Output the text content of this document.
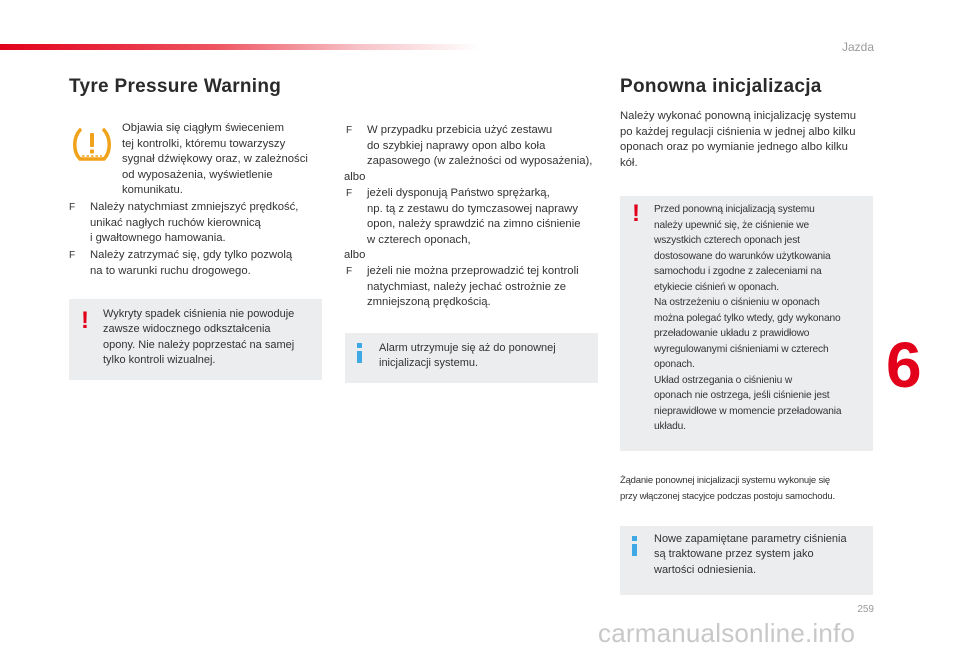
Jazda
Tyre Pressure Warning
Objawia się ciągłym świeceniem
tej kontrolki, któremu towarzyszy
sygnał dźwiękowy oraz, w zależności
od wyposażenia, wyświetlenie
komunikatu.
F Należy natychmiast zmniejszyć prędkość,
unikać nagłych ruchów kierownicą
i gwałtownego hamowania.
F Należy zatrzymać się, gdy tylko pozwolą
na to warunki ruchu drogowego.
! Wykryty spadek ciśnienia nie powoduje
zawsze widocznego odkształcenia
opony. Nie należy poprzestać na samej
tylko kontroli wizualnej.
F W przypadku przebicia użyć zestawu
do szybkiej naprawy opon albo koła
zapasowego (w zależności od wyposażenia),
albo
F jeżeli dysponują Państwo sprężarką,
np. tą z zestawu do tymczasowej naprawy
opon, należy sprawdzić na zimno ciśnienie
w czterech oponach,
albo
F jeżeli nie można przeprowadzić tej kontroli
natychmiast, należy jechać ostrożnie ze
zmniejszoną prędkością.
Alarm utrzymuje się aż do ponownej
inicjalizacji systemu.
Ponowna inicjalizacja
Należy wykonać ponowną inicjalizację systemu
po każdej regulacji ciśnienia w jednej albo kilku
oponach oraz po wymianie jednego albo kilku
kół.
! Przed ponowną inicjalizacją systemu
należy upewnić się, że ciśnienie we
wszystkich czterech oponach jest
dostosowane do warunków użytkowania
samochodu i zgodne z zaleceniami na
etykiecie ciśnień w oponach.
Na ostrzeżeniu o ciśnieniu w oponach
można polegać tylko wtedy, gdy wykonano
przeładowanie układu z prawidłowo
wyregulowanymi ciśnieniami w czterech
oponach.
Układ ostrzegania o ciśnieniu w
oponach nie ostrzega, jeśli ciśnienie jest
nieprawidłowe w momencie przeładowania
układu.
Żądanie ponownej inicjalizacji systemu wykonuje się
przy włączonej stacyjce podczas postoju samochodu.
Nowe zapamiętane parametry ciśnienia
są traktowane przez system jako
wartości odniesienia.
6
259
carmanualsonline.info
